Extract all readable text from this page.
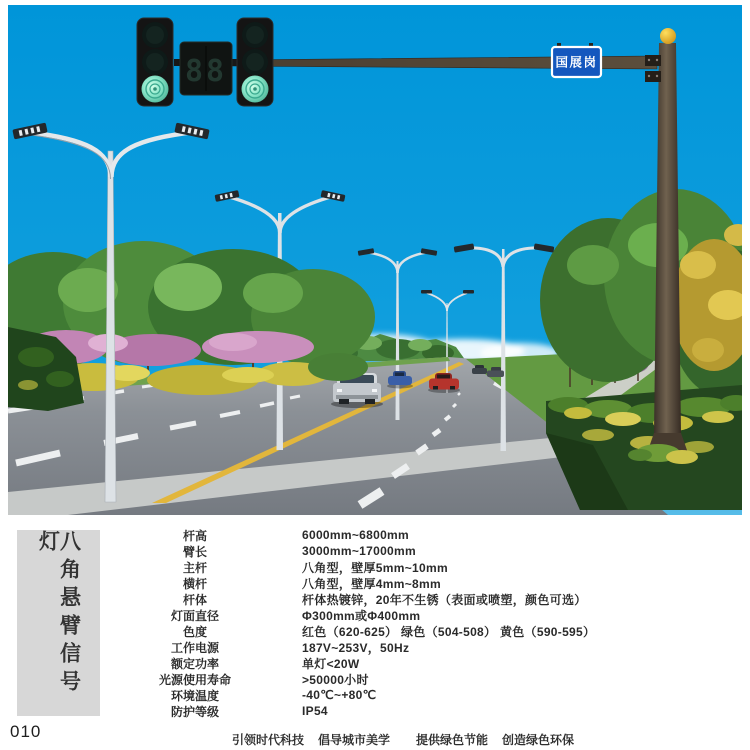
国展岗
88
八角悬臂信号灯	杆高	6000mm~6800mm
臂长	3000mm~17000mm
主杆	八角型，壁厚5mm~10mm
横杆	八角型，壁厚4mm~8mm
杆体	杆体热镀锌，20年不生锈（表面或喷塑，颜色可选）
灯面直径	Φ300mm或Φ400mm
色度	红色（620-625） 绿色（504-508） 黄色（590-595）
工作电源	187V~253V，50Hz
额定功率	单灯<20W
光源使用寿命	>50000小时
环境温度	-40℃~+80℃
防护等级	IP54
010	引领时代科技 倡导城市美学 提供绿色节能 创造绿色环保
